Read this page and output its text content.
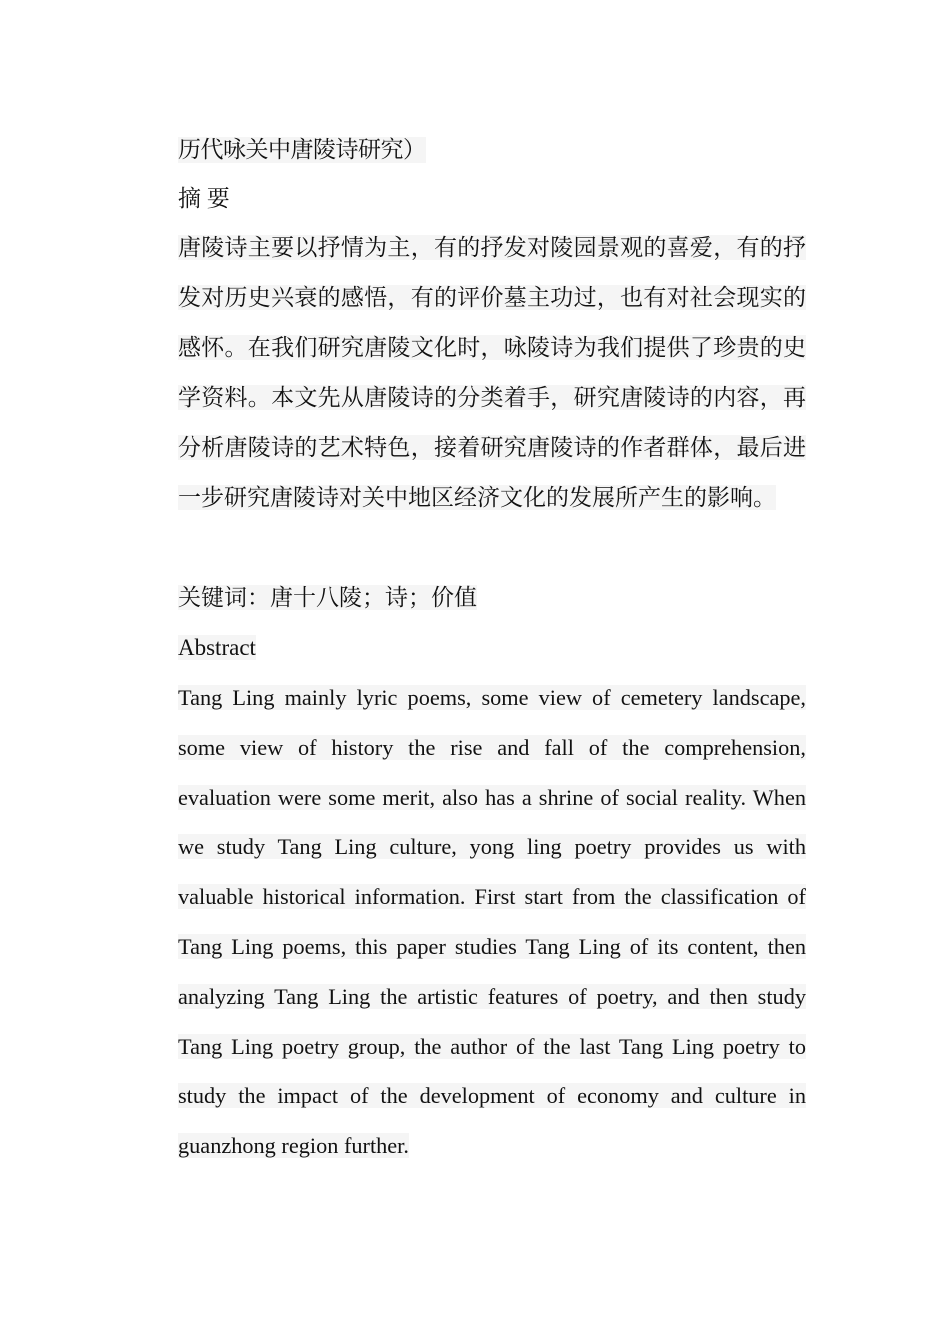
历代咏关中唐陵诗研究）
摘 要

唐陵诗主要以抒情为主，有的抒发对陵园景观的喜爱，有的抒发对历史兴衰的感悟，有的评价墓主功过，也有对社会现实的感怀。在我们研究唐陵文化时，咏陵诗为我们提供了珍贵的史学资料。本文先从唐陵诗的分类着手，研究唐陵诗的内容，再分析唐陵诗的艺术特色，接着研究唐陵诗的作者群体，最后进一步研究唐陵诗对关中地区经济文化的发展所产生的影响。

关键词：唐十八陵；诗；价值

Abstract

Tang Ling mainly lyric poems, some view of cemetery landscape, some view of history the rise and fall of the comprehension, evaluation were some merit, also has a shrine of social reality. When we study Tang Ling culture, yong ling poetry provides us with valuable historical information. First start from the classification of Tang Ling poems, this paper studies Tang Ling of its content, then analyzing Tang Ling the artistic features of poetry, and then study Tang Ling poetry group, the author of the last Tang Ling poetry to study the impact of the development of economy and culture in guanzhong region further.
